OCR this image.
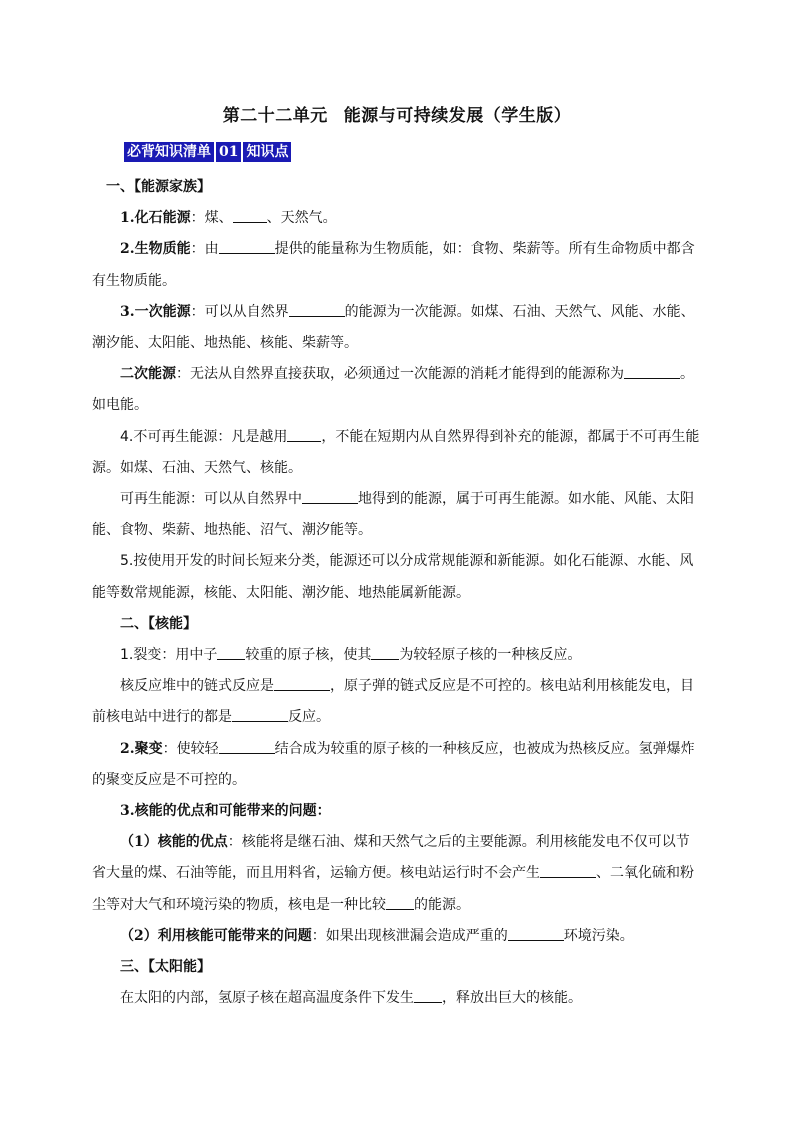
第二十二单元 能源与可持续发展（学生版）
必背知识清单 01 知识点

一、【能源家族】

1.化石能源：煤、 、天然气。

2.生物质能：由	提供的能量称为生物质能，如：食物、柴薪等。所有生命物质中都含有生物质能。

3.一次能源：可以从自然界	的能源为一次能源。如煤、石油、天然气、风能、水能、潮汐能、太阳能、地热能、核能、柴薪等。

二次能源：无法从自然界直接获取，必须通过一次能源的消耗才能得到的能源称为	。如电能。

4.不可再生能源：凡是越用 ，不能在短期内从自然界得到补充的能源，都属于不可再生能源。如煤、石油、天然气、核能。

可再生能源：可以从自然界中	地得到的能源，属于可再生能源。如水能、风能、太阳能、食物、柴薪、地热能、沼气、潮汐能等。

5.按使用开发的时间长短来分类，能源还可以分成常规能源和新能源。如化石能源、水能、风能等数常规能源，核能、太阳能、潮汐能、地热能属新能源。

二、【核能】

1.裂变：用中子 较重的原子核，使其 为较轻原子核的一种核反应。

核反应堆中的链式反应是	，原子弹的链式反应是不可控的。核电站利用核能发电，目前核电站中进行的都是	反应。

2.聚变：使较轻	结合成为较重的原子核的一种核反应，也被成为热核反应。氢弹爆炸的聚变反应是不可控的。

3.核能的优点和可能带来的问题：

（1）核能的优点：核能将是继石油、煤和天然气之后的主要能源。利用核能发电不仅可以节省大量的煤、石油等能，而且用料省，运输方便。核电站运行时不会产生	、二氧化硫和粉尘等对大气和环境污染的物质，核电是一种比较 的能源。

（2）利用核能可能带来的问题：如果出现核泄漏会造成严重的	环境污染。

三、【太阳能】

在太阳的内部，氢原子核在超高温度条件下发生 ，释放出巨大的核能。
